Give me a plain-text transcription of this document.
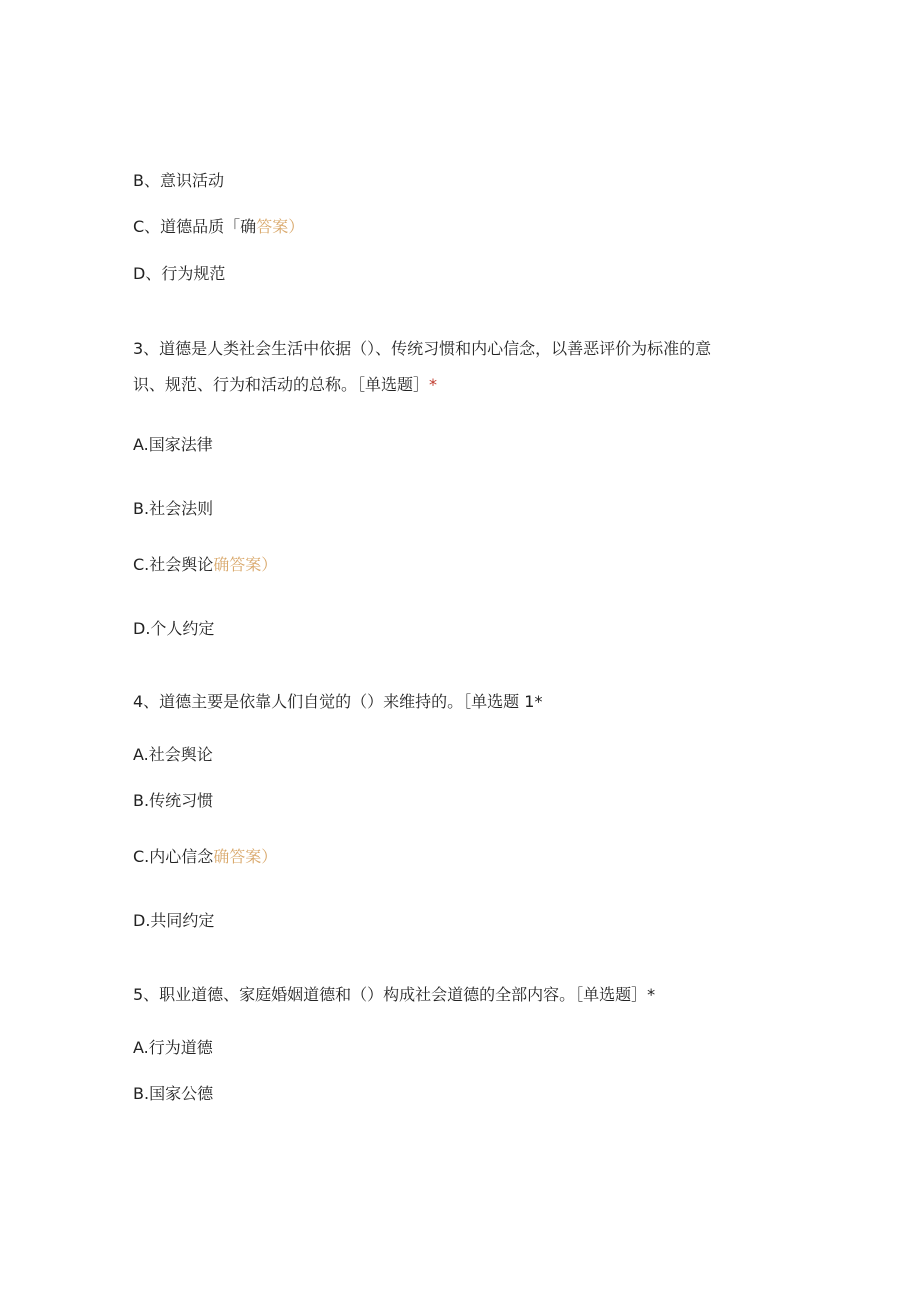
B、意识活动
C、道德品质「确答案）
D、行为规范
3、道德是人类社会生活中依据（）、传统习惯和内心信念，以善恶评价为标准的意
识、规范、行为和活动的总称。［单选题］*
A.国家法律
B.社会法则
C.社会舆论确答案）
D.个人约定
4、道德主要是依靠人们自觉的（）来维持的。［单选题 1*
A.社会舆论
B.传统习惯
C.内心信念确答案）
D.共同约定
5、职业道德、家庭婚姻道德和（）构成社会道德的全部内容。［单选题］*
A.行为道德
B.国家公德
